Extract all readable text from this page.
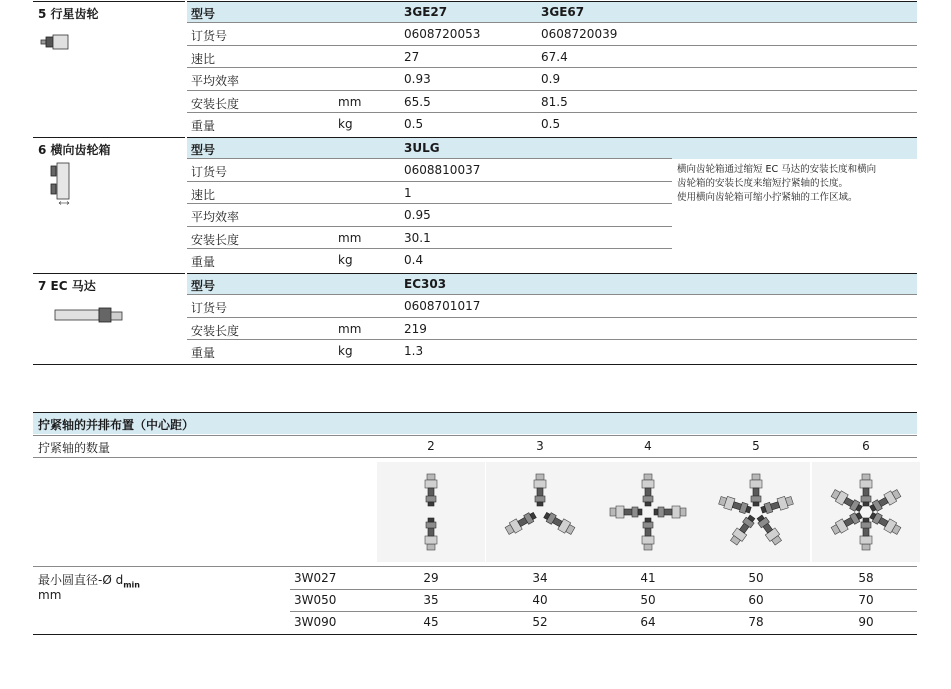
5 行星齿轮	型号	3GE27	3GE67
订货号	0608720053	0608720039
速比	27	67.4
平均效率	0.93	0.9
安装长度	mm	65.5	81.5
重量	kg	0.5	0.5
6 横向齿轮箱	型号	3ULG
横向齿轮箱通过缩短 EC 马达的安装长度和横向
齿轮箱的安装长度来缩短拧紧轴的长度。
使用横向齿轮箱可缩小拧紧轴的工作区域。
订货号	0608810037
速比	1
平均效率	0.95
安装长度	mm	30.1
重量	kg	0.4
7 EC 马达	型号	EC303
订货号	0608701017
安装长度	mm	219
重量	kg	1.3
拧紧轴的并排布置（中心距）
拧紧轴的数量	2	3	4	5	6
最小圆直径-Ø $d_{min}$
mm
3W027	29	34	41	50	58
3W050	35	40	50	60	70
3W090	45	52	64	78	90
